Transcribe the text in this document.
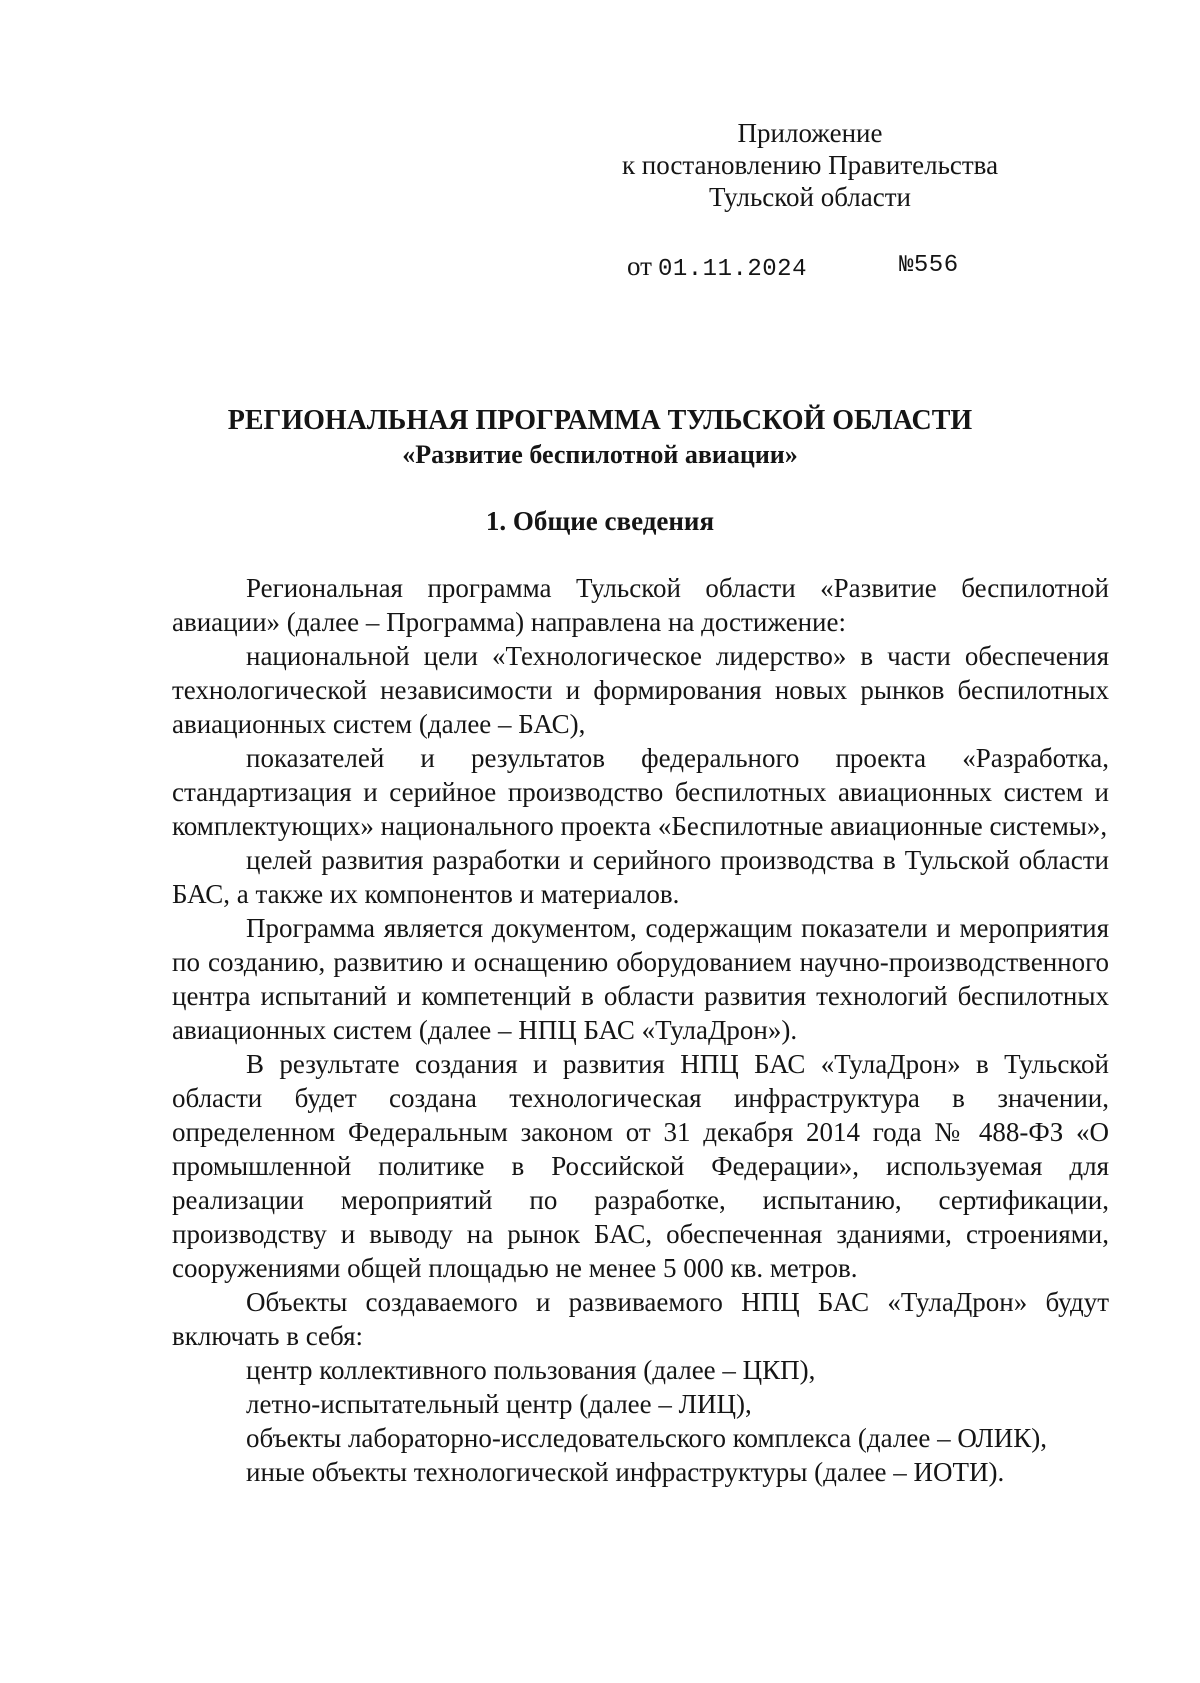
Приложение
к постановлению Правительства
Тульской области
от 01.11.2024	№556
РЕГИОНАЛЬНАЯ ПРОГРАММА ТУЛЬСКОЙ ОБЛАСТИ
«Развитие беспилотной авиации»
1. Общие сведения

Региональная программа Тульской области «Развитие беспилотной авиации» (далее – Программа) направлена на достижение:

национальной цели «Технологическое лидерство» в части обеспечения технологической независимости и формирования новых рынков беспилотных авиационных систем (далее – БАС),

показателей и результатов федерального проекта «Разработка, стандартизация и серийное производство беспилотных авиационных систем и комплектующих» национального проекта «Беспилотные авиационные системы»,

целей развития разработки и серийного производства в Тульской области БАС, а также их компонентов и материалов.

Программа является документом, содержащим показатели и мероприятия по созданию, развитию и оснащению оборудованием научно-производственного центра испытаний и компетенций в области развития технологий беспилотных авиационных систем (далее – НПЦ БАС «ТулаДрон»).

В результате создания и развития НПЦ БАС «ТулаДрон» в Тульской области будет создана технологическая инфраструктура в значении, определенном Федеральным законом от 31 декабря 2014 года № 488-ФЗ «О промышленной политике в Российской Федерации», используемая для реализации мероприятий по разработке, испытанию, сертификации, производству и выводу на рынок БАС, обеспеченная зданиями, строениями, сооружениями общей площадью не менее 5 000 кв. метров.

Объекты создаваемого и развиваемого НПЦ БАС «ТулаДрон» будут включать в себя:

центр коллективного пользования (далее – ЦКП),

летно-испытательный центр (далее – ЛИЦ),

объекты лабораторно-исследовательского комплекса (далее – ОЛИК),

иные объекты технологической инфраструктуры (далее – ИОТИ).
